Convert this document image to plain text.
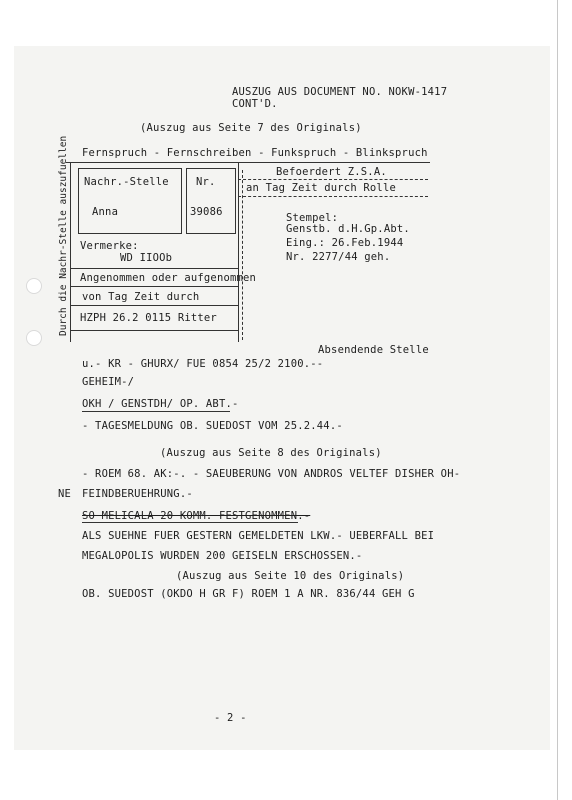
AUSZUG AUS DOCUMENT NO. NOKW-1417
CONT'D.
(Auszug aus Seite 7 des Originals)
Fernspruch - Fernschreiben - Funkspruch - Blinkspruch
Durch die Nachr-Stelle auszufuellen Nachr.-Stelle
Anna
Nr.
39086
Vermerke:
WD IIOOb
Angenommen oder aufgenommen
von Tag Zeit durch
HZPH 26.2 0115 Ritter
Befoerdert Z.S.A.
an Tag Zeit durch Rolle
Stempel:
Genstb. d.H.Gp.Abt.
Eing.: 26.Feb.1944
Nr. 2277/44 geh.
Absendende Stelle
u.- KR - GHURX/ FUE 0854 25/2 2100.--
GEHEIM-/
OKH / GENSTDH/ OP. ABT.-
- TAGESMELDUNG OB. SUEDOST VOM 25.2.44.-
(Auszug aus Seite 8 des Originals)
- ROEM 68. AK:-. - SAEUBERUNG VON ANDROS VELTEF DISHER OH-
NE FEINDBERUEHRUNG.-
SO MELICALA 20 KOMM. FESTGENOMMEN.-
ALS SUEHNE FUER GESTERN GEMELDETEN LKW.- UEBERFALL BEI
MEGALOPOLIS WURDEN 200 GEISELN ERSCHOSSEN.-
(Auszug aus Seite 10 des Originals)
OB. SUEDOST (OKDO H GR F) ROEM 1 A NR. 836/44 GEH G
- 2 -
